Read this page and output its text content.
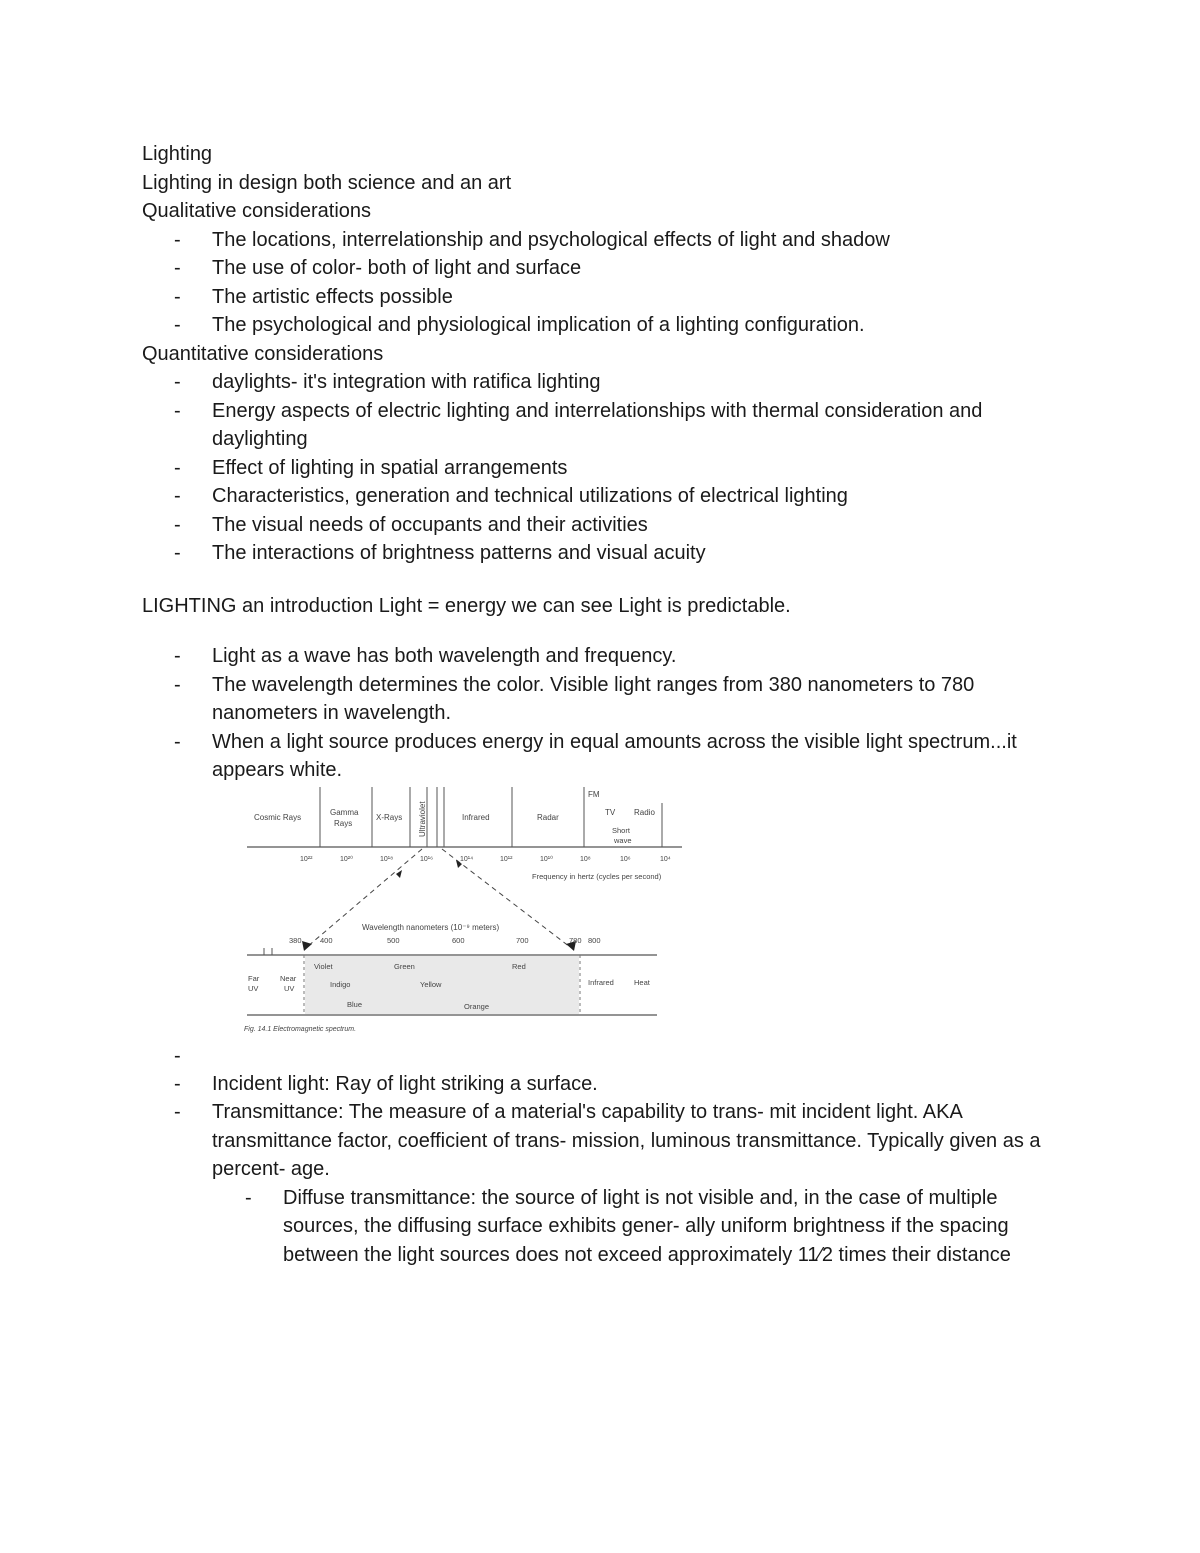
Lighting
Lighting in design both science and an art
Qualitative considerations
- The locations, interrelationship and psychological effects of light and shadow
- The use of color- both of light and surface
- The artistic effects possible
- The psychological and physiological implication of a lighting configuration.
Quantitative considerations
- daylights- it's integration with ratifica lighting
- Energy aspects of electric lighting and interrelationships with thermal consideration and daylighting
- Effect of lighting in spatial arrangements
- Characteristics, generation and technical utilizations of electrical lighting
- The visual needs of occupants and their activities
- The interactions of brightness patterns and visual acuity
LIGHTING an introduction Light = energy we can see Light is predictable.
- Light as a wave has both wavelength and frequency.
- The wavelength determines the color. Visible light ranges from 380 nanometers to 780 nanometers in wavelength.
- When a light source produces energy in equal amounts across the visible light spectrum...it appears white.
- Cosmic Rays
Gamma
Rays
X-Rays Ultraviolet	Infrared	Radar
FM
TV Radio
Short
wave
10²²	10²⁰	10¹⁸	10¹⁶	10¹⁴	10¹²	10¹⁰	10⁸	10⁶	10⁴
Frequency in hertz (cycles per second)
Wavelength nanometers (10⁻⁹ meters)
380 400	500	600	700	780 800
Violet	Green	Red
Indigo	Yellow
Blue	Orange
Far
UV
Near
UV
Infrared	Heat
Fig. 14.1 Electromagnetic spectrum.
- Incident light: Ray of light striking a surface.
- Transmittance: The measure of a material's capability to trans- mit incident light. AKA transmittance factor, coefficient of trans- mission, luminous transmittance. Typically given as a percent- age.
- Diffuse transmittance: the source of light is not visible and, in the case of multiple sources, the diffusing surface exhibits gener- ally uniform brightness if the spacing between the light sources does not exceed approximately 11⁄2 times their distance
